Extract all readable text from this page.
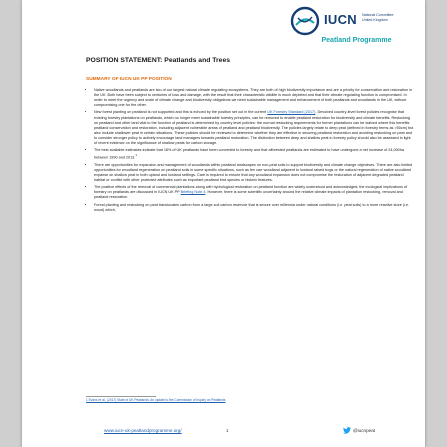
IUCN National Committee United Kingdom
Peatland Programme
POSITION STATEMENT: Peatlands and Trees
SUMMARY OF IUCN UK PP POSITION
• Native woodlands and peatlands are two of our largest natural climate regulating ecosystems. They are both of high biodiversity importance and are a priority for conservation and restoration in the UK. Both have been subject to centuries of loss and damage, with the result that their characteristic wildlife is much depleted and that their climate regulating function is compromised. In order to meet the urgency and scale of climate change and biodiversity obligations we need sustainable management and enhancement of both peatlands and woodlands in the UK, without compromising one for the other.
• New forest planting on peatland is not supported and this is echoed by the position set out in the current UK Forestry Standard (2017). Devolved country-level forest policies recognise that existing forestry plantations on peatlands, which no longer meet sustainable forestry principles, can be removed to enable peatland restoration for biodiversity and climate benefits. Restocking on peatland and other land vital to the function of peatland is determined by country level policies: the normal restocking requirements for former plantations can be waived where this benefits peatland conservation and restoration, including adjacent vulnerable areas of peatland and peatland biodiversity. The policies largely relate to deep peat (defined in forestry terms as >50cm) but also include shallower peat in certain situations. These policies should be reviewed to determine whether they are effective in securing peatland restoration and avoiding restocking on peat and to consider stronger policy to actively encourage land managers towards peatland restoration. The distinction between deep and shallow peat in forestry policy should also be assessed in light of recent evidence on the significance of shallow peats for carbon storage.
• The best available estimates indicate that 18% of UK peatlands have been converted to forestry and that afforested peatlands are estimated to have undergone a net increase of 24,000ha between 1990 and 2013.$^1$
• There are opportunities for expansion and management of woodlands within peatland landscapes on non-peat soils to support biodiversity and climate change objectives. There are also limited opportunities for woodland regeneration on peatland soils in some specific situations, such as fen carr woodland adjacent to lowland raised bogs or the natural regeneration of native woodland expanse on shallow peat in both upland and lowland settings. Care is required to ensure that any woodland expansion does not compromise the restoration of adjacent degraded peatland habitat or conflict with other protected attributes such as important peatland bird species or historic features.
• The positive effects of the removal of commercial plantations along with hydrological restoration on peatland function are widely understood and acknowledged; the ecological implications of forestry on peatlands are discussed in IUCN UK PP Briefing Note 4. However, there is some scientific uncertainty around the relative climate impacts of plantation restocking, removal and peatland restoration.
• Forest planting and restocking on peat translocates carbon from a large soil carbon reservoir that is secure over millennia under natural conditions (i.e. peat soils) to a more reactive store (i.e. wood) which,
1 Evans et al., (2017) State of UK Peatlands: An update to the Commission of Inquiry on Peatlands
www.iucn-uk-peatlandprogramme.org/	1	@iucnpeat
